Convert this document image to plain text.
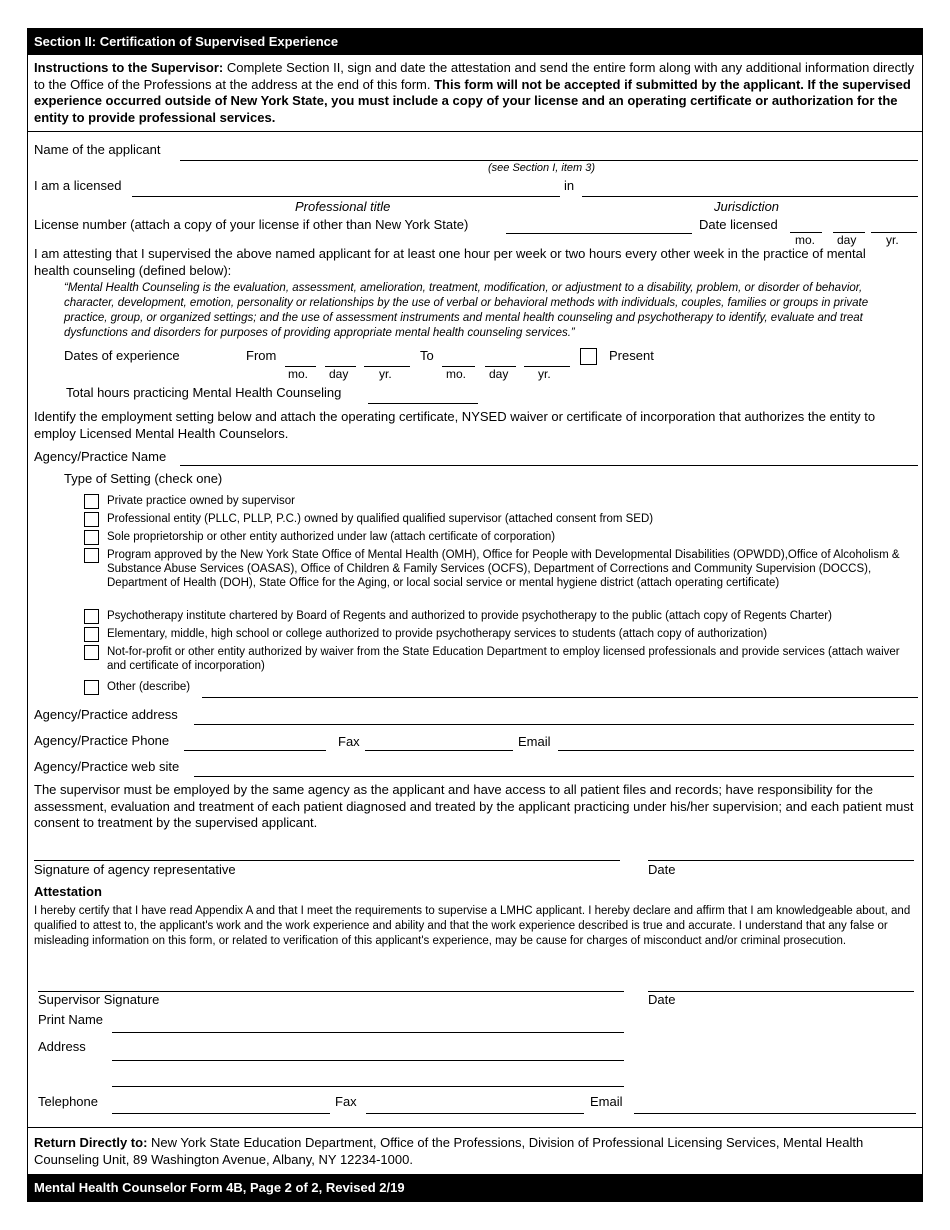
Section II: Certification of Supervised Experience
Instructions to the Supervisor: Complete Section II, sign and date the attestation and send the entire form along with any additional information directly to the Office of the Professions at the address at the end of this form. This form will not be accepted if submitted by the applicant. If the supervised experience occurred outside of New York State, you must include a copy of your license and an operating certificate or authorization for the entity to provide professional services.
Name of the applicant
(see Section I, item 3)
I am a licensed	in
Professional title	Jurisdiction
License number (attach a copy of your license if other than New York State)	Date licensed
mo. day yr.
I am attesting that I supervised the above named applicant for at least one hour per week or two hours every other week in the practice of mental health counseling (defined below):
“Mental Health Counseling is the evaluation, assessment, amelioration, treatment, modification, or adjustment to a disability, problem, or disorder of behavior, character, development, emotion, personality or relationships by the use of verbal or behavioral methods with individuals, couples, families or groups in private practice, group, or organized settings; and the use of assessment instruments and mental health counseling and psychotherapy to identify, evaluate and treat dysfunctions and disorders for purposes of providing appropriate mental health counseling services.”
Dates of experience	From
mo. day	yr.
To
mo. day yr.
Present
Total hours practicing Mental Health Counseling
Identify the employment setting below and attach the operating certificate, NYSED waiver or certificate of incorporation that authorizes the entity to employ Licensed Mental Health Counselors.
Agency/Practice Name
Type of Setting (check one)
Private practice owned by supervisor
Professional entity (PLLC, PLLP, P.C.) owned by qualified qualified supervisor (attached consent from SED)
Sole proprietorship or other entity authorized under law (attach certificate of corporation)
Program approved by the New York State Office of Mental Health (OMH), Office for People with Developmental Disabilities (OPWDD),Office of Alcoholism & Substance Abuse Services (OASAS), Office of Children & Family Services (OCFS), Department of Corrections and Community Supervision (DOCCS), Department of Health (DOH), State Office for the Aging, or local social service or mental hygiene district (attach operating certificate)
Psychotherapy institute chartered by Board of Regents and authorized to provide psychotherapy to the public (attach copy of Regents Charter)
Elementary, middle, high school or college authorized to provide psychotherapy services to students (attach copy of authorization)
Not-for-profit or other entity authorized by waiver from the State Education Department to employ licensed professionals and provide services (attach waiver and certificate of incorporation)
Other (describe)
Agency/Practice address
Agency/Practice Phone	Fax	Email
Agency/Practice web site
The supervisor must be employed by the same agency as the applicant and have access to all patient files and records; have responsibility for the assessment, evaluation and treatment of each patient diagnosed and treated by the applicant practicing under his/her supervision; and each patient must consent to treatment by the supervised applicant.
Signature of agency representative	Date
Attestation
I hereby certify that I have read Appendix A and that I meet the requirements to supervise a LMHC applicant. I hereby declare and affirm that I am knowledgeable about, and qualified to attest to, the applicant's work and the work experience and ability and that the work experience described is true and accurate. I understand that any false or misleading information on this form, or related to verification of this applicant's experience, may be cause for charges of misconduct and/or criminal prosecution.
Supervisor Signature	Date
Print Name
Address
Telephone	Fax	Email
Return Directly to: New York State Education Department, Office of the Professions, Division of Professional Licensing Services, Mental Health Counseling Unit, 89 Washington Avenue, Albany, NY 12234-1000.
Mental Health Counselor Form 4B, Page 2 of 2, Revised 2/19
